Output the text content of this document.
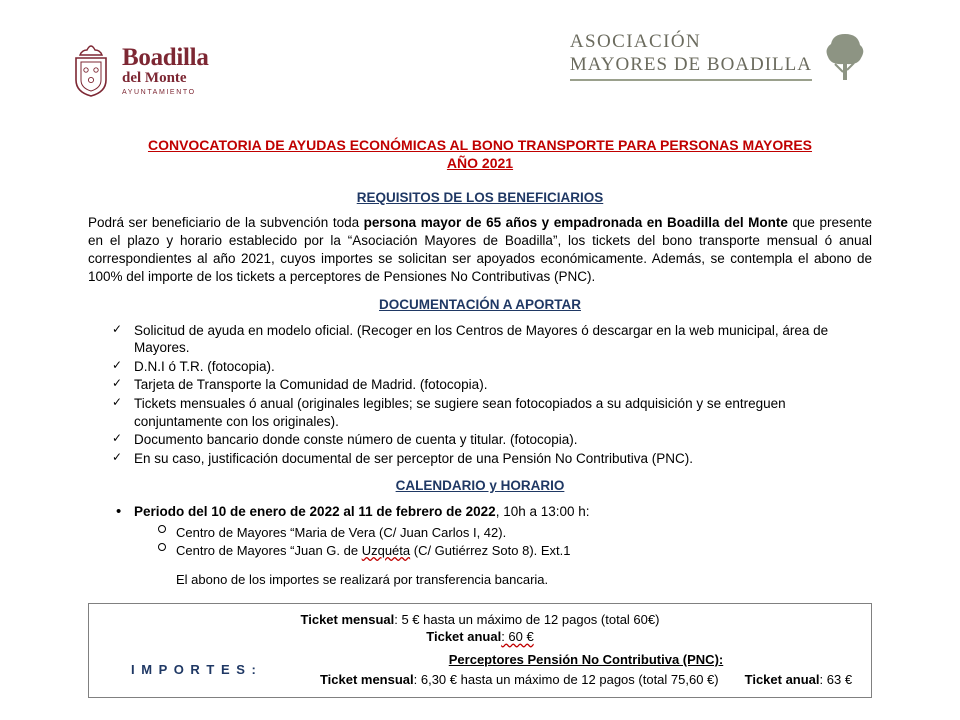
Boadilla
del Monte
AYUNTAMIENTO
ASOCIACIÓN
MAYORES DE BOADILLA
CONVOCATORIA DE AYUDAS ECONÓMICAS AL BONO TRANSPORTE PARA PERSONAS MAYORES
AÑO 2021
REQUISITOS DE LOS BENEFICIARIOS

Podrá ser beneficiario de la subvención toda persona mayor de 65 años y empadronada en Boadilla del Monte que presente en el plazo y horario establecido por la “Asociación Mayores de Boadilla”, los tickets del bono transporte mensual ó anual correspondientes al año 2021, cuyos importes se solicitan ser apoyados económicamente. Además, se contempla el abono de 100% del importe de los tickets a perceptores de Pensiones No Contributivas (PNC).

DOCUMENTACIÓN A APORTAR
✓ Solicitud de ayuda en modelo oficial. (Recoger en los Centros de Mayores ó descargar en la web municipal, área de Mayores.
✓ D.N.I ó T.R. (fotocopia).
✓ Tarjeta de Transporte la Comunidad de Madrid. (fotocopia).
✓ Tickets mensuales ó anual (originales legibles; se sugiere sean fotocopiados a su adquisición y se entreguen conjuntamente con los originales).
✓ Documento bancario donde conste número de cuenta y titular. (fotocopia).
✓ En su caso, justificación documental de ser perceptor de una Pensión No Contributiva (PNC).
CALENDARIO y HORARIO
• Periodo del 10 de enero de 2022 al 11 de febrero de 2022, 10h a 13:00 h:
Centro de Mayores “Maria de Vera (C/ Juan Carlos I, 42).
Centro de Mayores “Juan G. de Uzquéta (C/ Gutiérrez Soto 8). Ext.1
El abono de los importes se realizará por transferencia bancaria.
Ticket mensual: 5 € hasta un máximo de 12 pagos (total 60€)
Ticket anual: 60 €
I M P O R T E S :
Perceptores Pensión No Contributiva (PNC):
Ticket mensual: 6,30 € hasta un máximo de 12 pagos (total 75,60 €) Ticket anual: 63 €
